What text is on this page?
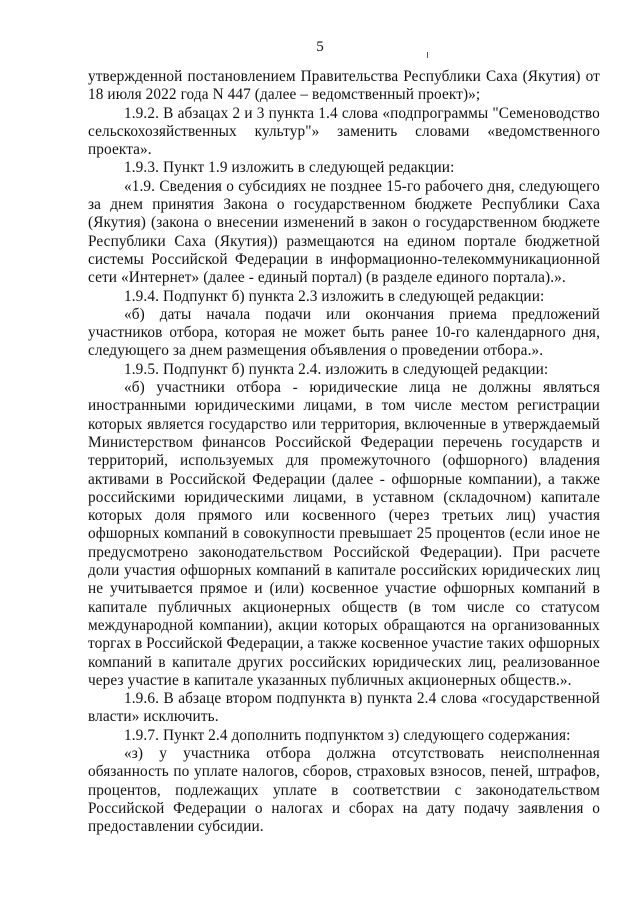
5
утвержденной постановлением Правительства Республики Саха (Якутия) от
18 июля 2022 года N 447 (далее – ведомственный проект)»;
1.9.2. В абзацах 2 и 3 пункта 1.4 слова «подпрограммы "Семеноводство
сельскохозяйственных культур"» заменить словами «ведомственного
проекта».
1.9.3. Пункт 1.9 изложить в следующей редакции:
«1.9. Сведения о субсидиях не позднее 15-го рабочего дня, следующего
за днем принятия Закона о государственном бюджете Республики Саха
(Якутия) (закона о внесении изменений в закон о государственном бюджете
Республики Саха (Якутия)) размещаются на едином портале бюджетной
системы Российской Федерации в информационно-телекоммуникационной
сети «Интернет» (далее - единый портал) (в разделе единого портала).».
1.9.4. Подпункт б) пункта 2.3 изложить в следующей редакции:
«б) даты начала подачи или окончания приема предложений
участников отбора, которая не может быть ранее 10-го календарного дня,
следующего за днем размещения объявления о проведении отбора.».
1.9.5. Подпункт б) пункта 2.4. изложить в следующей редакции:
«б) участники отбора - юридические лица не должны являться
иностранными юридическими лицами, в том числе местом регистрации
которых является государство или территория, включенные в утверждаемый
Министерством финансов Российской Федерации перечень государств и
территорий, используемых для промежуточного (офшорного) владения
активами в Российской Федерации (далее - офшорные компании), а также
российскими юридическими лицами, в уставном (складочном) капитале
которых доля прямого или косвенного (через третьих лиц) участия
офшорных компаний в совокупности превышает 25 процентов (если иное не
предусмотрено законодательством Российской Федерации). При расчете
доли участия офшорных компаний в капитале российских юридических лиц
не учитывается прямое и (или) косвенное участие офшорных компаний в
капитале публичных акционерных обществ (в том числе со статусом
международной компании), акции которых обращаются на организованных
торгах в Российской Федерации, а также косвенное участие таких офшорных
компаний в капитале других российских юридических лиц, реализованное
через участие в капитале указанных публичных акционерных обществ.».
1.9.6. В абзаце втором подпункта в) пункта 2.4 слова «государственной
власти» исключить.
1.9.7. Пункт 2.4 дополнить подпунктом з) следующего содержания:
«з) у участника отбора должна отсутствовать неисполненная
обязанность по уплате налогов, сборов, страховых взносов, пеней, штрафов,
процентов, подлежащих уплате в соответствии с законодательством
Российской Федерации о налогах и сборах на дату подачу заявления о
предоставлении субсидии.
